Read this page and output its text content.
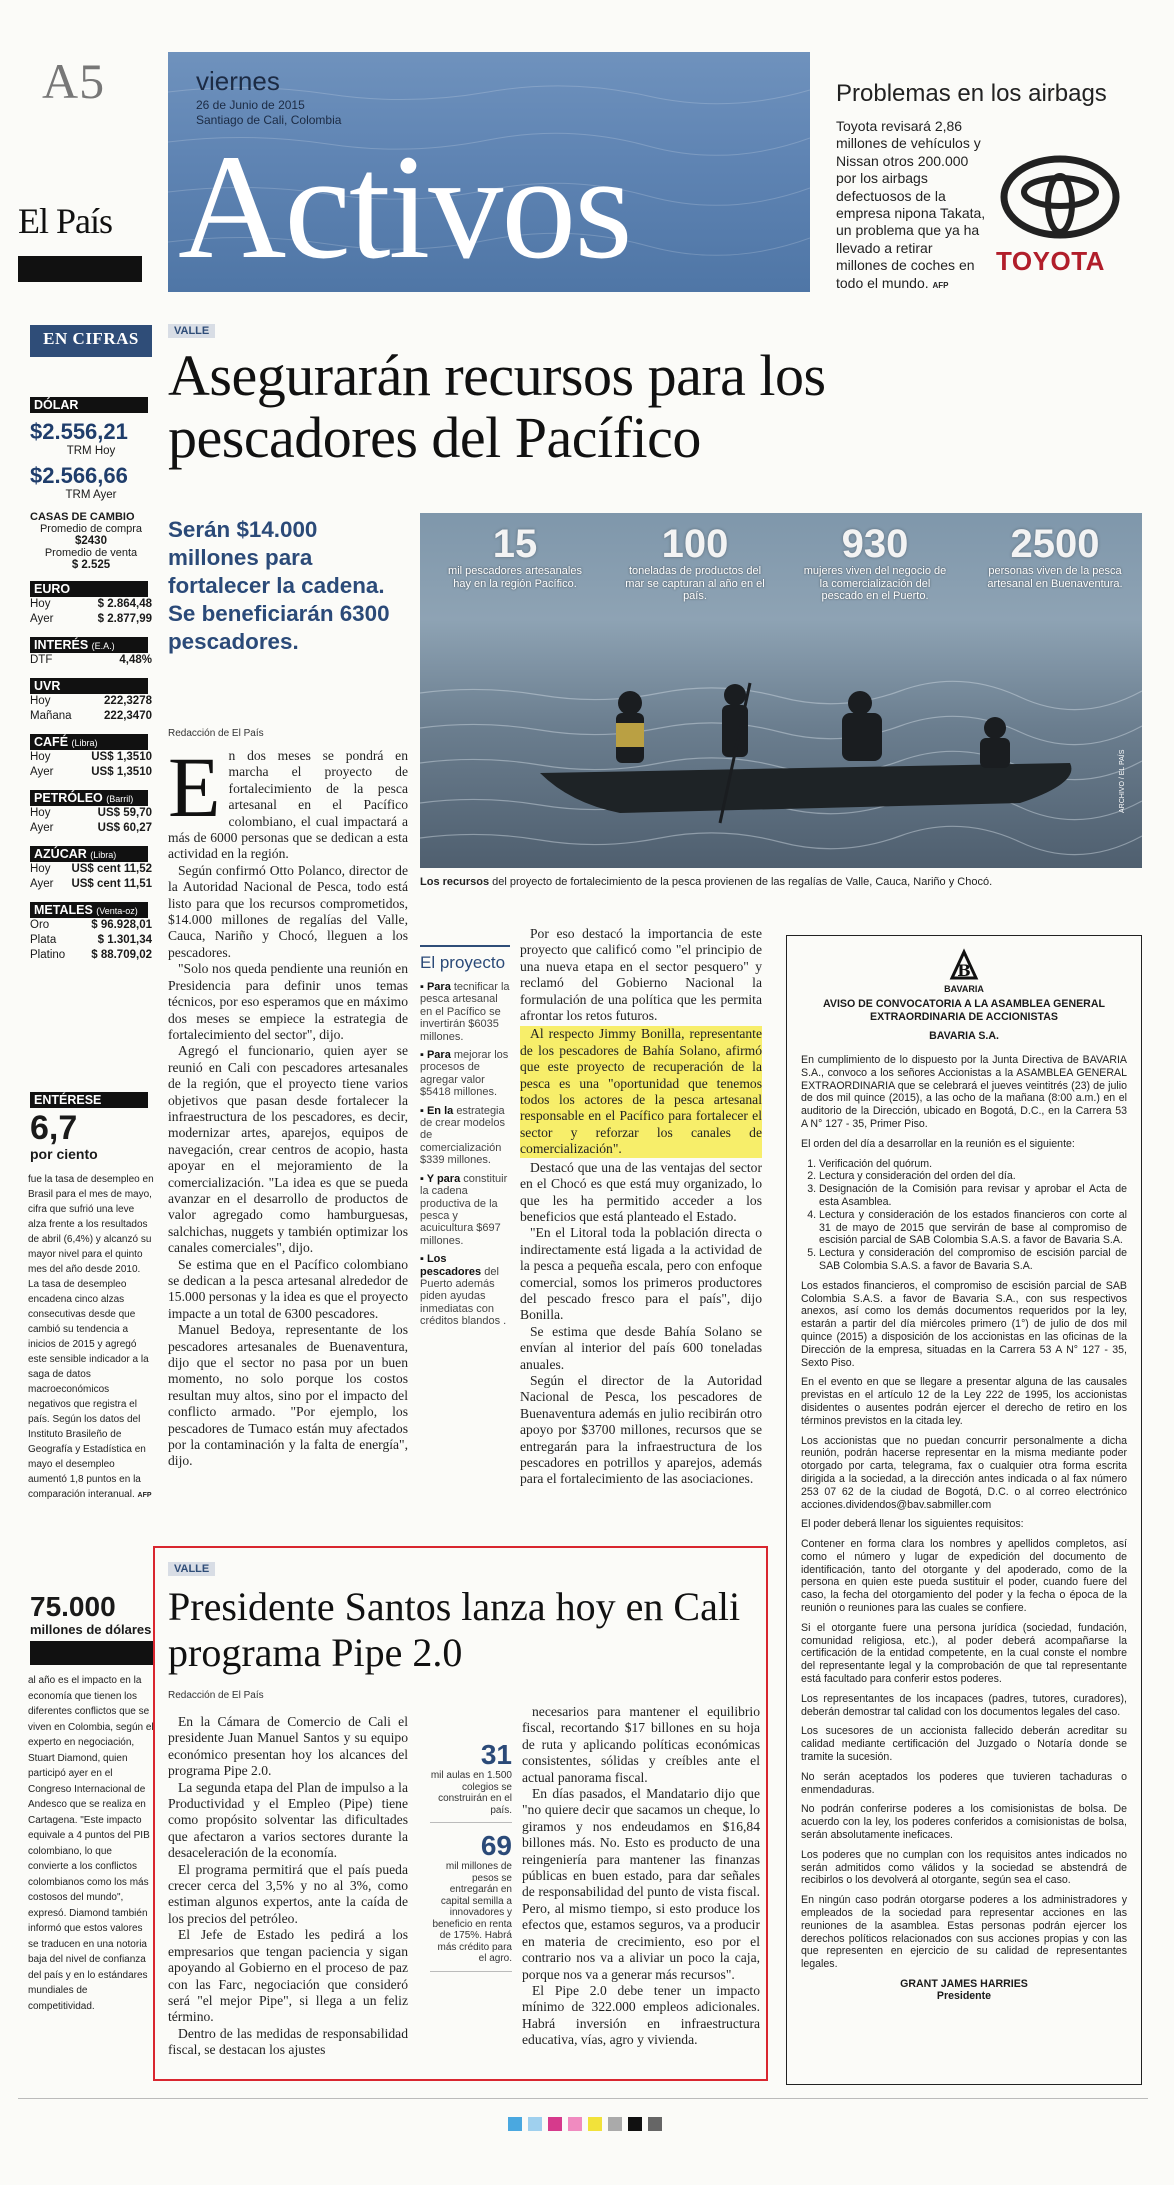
A5
El País
viernes
26 de Junio de 2015
Santiago de Cali, Colombia
Activos
Problemas en los airbags
Toyota revisará 2,86 millones de vehículos y Nissan otros 200.000 por los airbags defectuosos de la empresa nipona Takata, un problema que ya ha llevado a retirar millones de coches en todo el mundo. AFP
TOYOTA
EN CIFRAS
DÓLAR
$2.556,21
TRM Hoy
$2.566,66
TRM Ayer
CASAS DE CAMBIO
Promedio de compra
$2430
Promedio de venta
$ 2.525
EURO
Hoy	$ 2.864,48
Ayer	$ 2.877,99
INTERÉS (E.A.)
DTF	4,48%
UVR
Hoy	222,3278
Mañana	222,3470
CAFÉ (Libra)
Hoy	US$ 1,3510
Ayer	US$ 1,3510
PETRÓLEO (Barril)
Hoy	US$ 59,70
Ayer	US$ 60,27
AZÚCAR (Libra)
Hoy US$ cent 11,52
Ayer US$ cent 11,51
METALES (Venta-oz)
Oro	$ 96.928,01
Plata	$ 1.301,34
Platino $ 88.709,02
ENTÉRESE
6,7
por ciento
fue la tasa de desempleo en Brasil para el mes de mayo, cifra que sufrió una leve alza frente a los resultados de abril (6,4%) y alcanzó su mayor nivel para el quinto mes del año desde 2010. La tasa de desempleo encadena cinco alzas consecutivas desde que cambió su tendencia a inicios de 2015 y agregó este sensible indicador a la saga de datos macroeconómicos negativos que registra el país. Según los datos del Instituto Brasileño de Geografía y Estadística en mayo el desempleo aumentó 1,8 puntos en la comparación interanual. AFP
75.000
millones de dólares
al año es el impacto en la economía que tienen los diferentes conflictos que se viven en Colombia, según el experto en negociación, Stuart Diamond, quien participó ayer en el Congreso Internacional de Andesco que se realiza en Cartagena. "Este impacto equivale a 4 puntos del PIB colombiano, lo que convierte a los conflictos colombianos como los más costosos del mundo", expresó. Diamond también informó que estos valores se traducen en una notoria baja del nivel de confianza del país y en lo estándares mundiales de competitividad.
VALLE
Asegurarán recursos para los pescadores del Pacífico
Serán $14.000 millones para fortalecer la cadena. Se beneficiarán 6300 pescadores.
Redacción de El País
15
mil pescadores artesanales hay en la región Pacífico.
100
toneladas de productos del mar se capturan al año en el país.
930
mujeres viven del negocio de la comercialización del pescado en el Puerto.
2500
personas viven de la pesca artesanal en Buenaventura.
ARCHIVO / EL PAÍS
Los recursos del proyecto de fortalecimiento de la pesca provienen de las regalías de Valle, Cauca, Nariño y Chocó.
E n dos meses se pondrá en marcha el proyecto de fortalecimiento de la pesca artesanal en el Pacífico colombiano, el cual impactará a más de 6000 personas que se dedican a esta actividad en la región.

Según confirmó Otto Polanco, director de la Autoridad Nacional de Pesca, todo está listo para que los recursos comprometidos, $14.000 millones de regalías del Valle, Cauca, Nariño y Chocó, lleguen a los pescadores.

"Solo nos queda pendiente una reunión en Presidencia para definir unos temas técnicos, por eso esperamos que en máximo dos meses se empiece la estrategia de fortalecimiento del sector", dijo.

Agregó el funcionario, quien ayer se reunió en Cali con pescadores artesanales de la región, que el proyecto tiene varios objetivos que pasan desde fortalecer la infraestructura de los pescadores, es decir, modernizar artes, aparejos, equipos de navegación, crear centros de acopio, hasta apoyar en el mejoramiento de la comercialización. "La idea es que se pueda avanzar en el desarrollo de productos de valor agregado como hamburguesas, salchichas, nuggets y también optimizar los canales comerciales", dijo.

Se estima que en el Pacífico colombiano se dedican a la pesca artesanal alrededor de 15.000 personas y la idea es que el proyecto impacte a un total de 6300 pescadores.

Manuel Bedoya, representante de los pescadores artesanales de Buenaventura, dijo que el sector no pasa por un buen momento, no solo porque los costos resultan muy altos, sino por el impacto del conflicto armado. "Por ejemplo, los pescadores de Tumaco están muy afectados por la contaminación y la falta de energía", dijo.

El proyecto
▪ Para tecnificar la pesca artesanal en el Pacífico se invertirán $6035 millones.
▪ Para mejorar los procesos de agregar valor $5418 millones.
▪ En la estrategia de crear modelos de comercialización $339 millones.
▪ Y para constituir la cadena productiva de la pesca y acuicultura $697 millones.
▪ Los pescadores del Puerto además piden ayudas inmediatas con créditos blandos .

Por eso destacó la importancia de este proyecto que calificó como "el principio de una nueva etapa en el sector pesquero" y reclamó del Gobierno Nacional la formulación de una política que les permita afrontar los retos futuros.

Al respecto Jimmy Bonilla, representante de los pescadores de Bahía Solano, afirmó que este proyecto de recuperación de la pesca es una "oportunidad que tenemos todos los actores de la pesca artesanal responsable en el Pacífico para fortalecer el sector y reforzar los canales de comercialización".

Destacó que una de las ventajas del sector en el Chocó es que está muy organizado, lo que les ha permitido acceder a los beneficios que está planteado el Estado.

"En el Litoral toda la población directa o indirectamente está ligada a la actividad de la pesca a pequeña escala, pero con enfoque comercial, somos los primeros productores del pescado fresco para el país", dijo Bonilla.

Se estima que desde Bahía Solano se envían al interior del país 600 toneladas anuales.

Según el director de la Autoridad Nacional de Pesca, los pescadores de Buenaventura además en julio recibirán otro apoyo por $3700 millones, recursos que se entregarán para la infraestructura de los pescadores en potrillos y aparejos, además para el fortalecimiento de las asociaciones.

VALLE
Presidente Santos lanza hoy en Cali programa Pipe 2.0
Redacción de El País

En la Cámara de Comercio de Cali el presidente Juan Manuel Santos y su equipo económico presentan hoy los alcances del programa Pipe 2.0.

La segunda etapa del Plan de impulso a la Productividad y el Empleo (Pipe) tiene como propósito solventar las dificultades que afectaron a varios sectores durante la desaceleración de la economía.

El programa permitirá que el país pueda crecer cerca del 3,5% y no al 3%, como estiman algunos expertos, ante la caída de los precios del petróleo.

El Jefe de Estado les pedirá a los empresarios que tengan paciencia y sigan apoyando al Gobierno en el proceso de paz con las Farc, negociación que consideró será "el mejor Pipe", si llega a un feliz término.

Dentro de las medidas de responsabilidad fiscal, se destacan los ajustes

31
mil aulas en 1.500 colegios se construirán en el país.
69
mil millones de pesos se entregarán en capital semilla a innovadores y beneficio en renta de 175%. Habrá más crédito para el agro.

necesarios para mantener el equilibrio fiscal, recortando $17 billones en su hoja de ruta y aplicando políticas económicas consistentes, sólidas y creíbles ante el actual panorama fiscal.

En días pasados, el Mandatario dijo que "no quiere decir que sacamos un cheque, lo giramos y nos endeudamos en $16,84 billones más. No. Esto es producto de una reingeniería para mantener las finanzas públicas en buen estado, para dar señales de responsabilidad del punto de vista fiscal. Pero, al mismo tiempo, si esto produce los efectos que, estamos seguros, va a producir en materia de crecimiento, eso por el contrario nos va a aliviar un poco la caja, porque nos va a generar más recursos".

El Pipe 2.0 debe tener un impacto mínimo de 322.000 empleos adicionales. Habrá inversión en infraestructura educativa, vías, agro y vivienda.

B
BAVARIA
AVISO DE CONVOCATORIA A LA ASAMBLEA GENERAL EXTRAORDINARIA DE ACCIONISTAS
BAVARIA S.A.

En cumplimiento de lo dispuesto por la Junta Directiva de BAVARIA S.A., convoco a los señores Accionistas a la ASAMBLEA GENERAL EXTRAORDINARIA que se celebrará el jueves veintitrés (23) de julio de dos mil quince (2015), a las ocho de la mañana (8:00 a.m.) en el auditorio de la Dirección, ubicado en Bogotá, D.C., en la Carrera 53 A N° 127 - 35, Primer Piso.

El orden del día a desarrollar en la reunión es el siguiente:

1. Verificación del quórum.
2. Lectura y consideración del orden del día.
3. Designación de la Comisión para revisar y aprobar el Acta de esta Asamblea.
4. Lectura y consideración de los estados financieros con corte al 31 de mayo de 2015 que servirán de base al compromiso de escisión parcial de SAB Colombia S.A.S. a favor de Bavaria S.A.
5. Lectura y consideración del compromiso de escisión parcial de SAB Colombia S.A.S. a favor de Bavaria S.A.

Los estados financieros, el compromiso de escisión parcial de SAB Colombia S.A.S. a favor de Bavaria S.A., con sus respectivos anexos, así como los demás documentos requeridos por la ley, estarán a partir del día miércoles primero (1°) de julio de dos mil quince (2015) a disposición de los accionistas en las oficinas de la Dirección de la empresa, situadas en la Carrera 53 A N° 127 - 35, Sexto Piso.

En el evento en que se llegare a presentar alguna de las causales previstas en el artículo 12 de la Ley 222 de 1995, los accionistas disidentes o ausentes podrán ejercer el derecho de retiro en los términos previstos en la citada ley.

Los accionistas que no puedan concurrir personalmente a dicha reunión, podrán hacerse representar en la misma mediante poder otorgado por carta, telegrama, fax o cualquier otra forma escrita dirigida a la sociedad, a la dirección antes indicada o al fax número 253 07 62 de la ciudad de Bogotá, D.C. o al correo electrónico acciones.dividendos@bav.sabmiller.com

El poder deberá llenar los siguientes requisitos:

Contener en forma clara los nombres y apellidos completos, así como el número y lugar de expedición del documento de identificación, tanto del otorgante y del apoderado, como de la persona en quien este pueda sustituir el poder, cuando fuere del caso, la fecha del otorgamiento del poder y la fecha o época de la reunión o reuniones para las cuales se confiere.

Si el otorgante fuere una persona jurídica (sociedad, fundación, comunidad religiosa, etc.), al poder deberá acompañarse la certificación de la entidad competente, en la cual conste el nombre del representante legal y la comprobación de que tal representante está facultado para conferir estos poderes.

Los representantes de los incapaces (padres, tutores, curadores), deberán demostrar tal calidad con los documentos legales del caso.

Los sucesores de un accionista fallecido deberán acreditar su calidad mediante certificación del Juzgado o Notaría donde se tramite la sucesión.

No serán aceptados los poderes que tuvieren tachaduras o enmendaduras.

No podrán conferirse poderes a los comisionistas de bolsa. De acuerdo con la ley, los poderes conferidos a comisionistas de bolsa, serán absolutamente ineficaces.

Los poderes que no cumplan con los requisitos antes indicados no serán admitidos como válidos y la sociedad se abstendrá de recibirlos o los devolverá al otorgante, según sea el caso.

En ningún caso podrán otorgarse poderes a los administradores y empleados de la sociedad para representar acciones en las reuniones de la asamblea. Estas personas podrán ejercer los derechos políticos relacionados con sus acciones propias y con las que representen en ejercicio de su calidad de representantes legales.

GRANT JAMES HARRIES
Presidente
